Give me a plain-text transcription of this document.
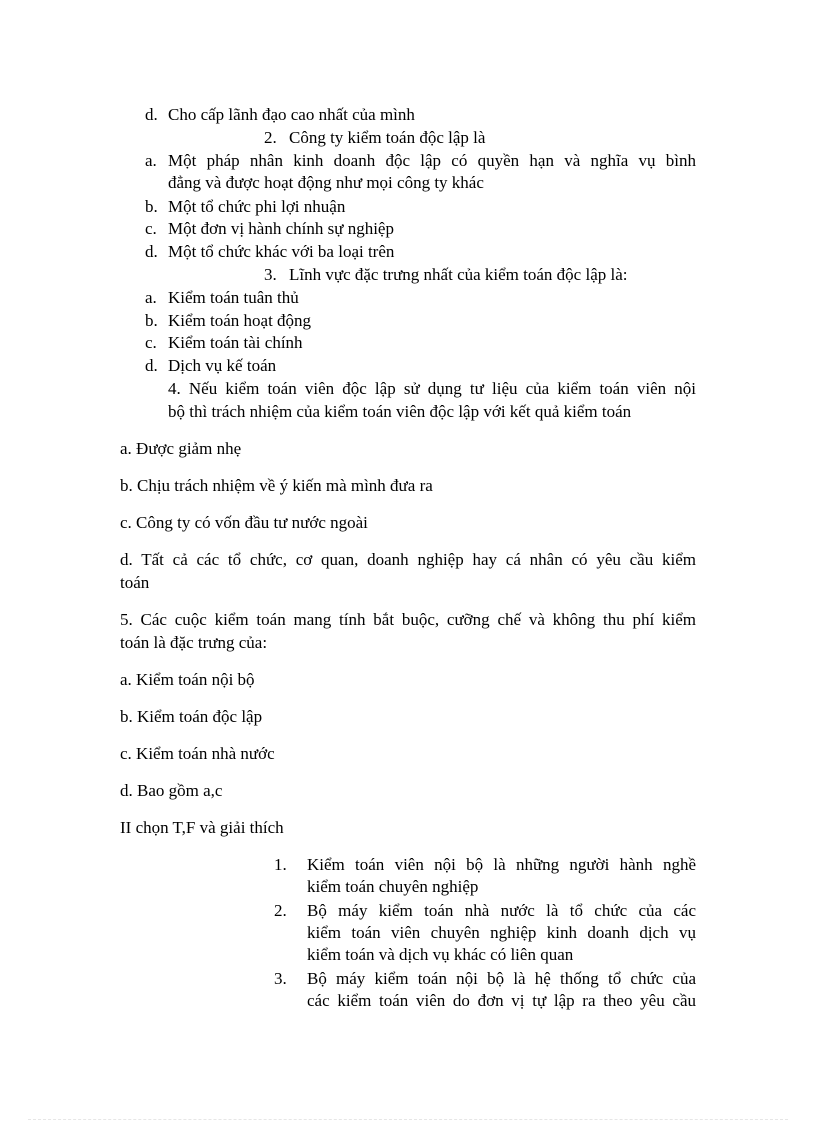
d. Cho cấp lãnh đạo cao nhất của mình
2. Công ty kiểm toán độc lập là
a. Một pháp nhân kinh doanh độc lập có quyền hạn và nghĩa vụ bình
đẳng và được hoạt động như mọi công ty khác
b. Một tổ chức phi lợi nhuận
c. Một đơn vị hành chính sự nghiệp
d. Một tổ chức khác với ba loại trên
3. Lĩnh vực đặc trưng nhất của kiểm toán độc lập là:
a. Kiểm toán tuân thủ
b. Kiểm toán hoạt động
c. Kiểm toán tài chính
d. Dịch vụ kế toán
4. Nếu kiểm toán viên độc lập sử dụng tư liệu của kiểm toán viên nội
bộ thì trách nhiệm của kiểm toán viên độc lập với kết quả kiểm toán
a. Được giảm nhẹ
b. Chịu trách nhiệm về ý kiến mà mình đưa ra
c. Công ty có vốn đầu tư nước ngoài
d. Tất cả các tổ chức, cơ quan, doanh nghiệp hay cá nhân có yêu cầu kiểm
toán
5. Các cuộc kiểm toán mang tính bắt buộc, cưỡng chế và không thu phí kiểm
toán là đặc trưng của:
a. Kiểm toán nội bộ
b. Kiểm toán độc lập
c. Kiểm toán nhà nước
d. Bao gồm a,c
II chọn T,F và giải thích
1. Kiểm toán viên nội bộ là những người hành nghề
kiểm toán chuyên nghiệp
2. Bộ máy kiểm toán nhà nước là tổ chức của các
kiểm toán viên chuyên nghiệp kinh doanh dịch vụ
kiểm toán và dịch vụ khác có liên quan
3. Bộ máy kiểm toán nội bộ là hệ thống tổ chức của
các kiểm toán viên do đơn vị tự lập ra theo yêu cầu
